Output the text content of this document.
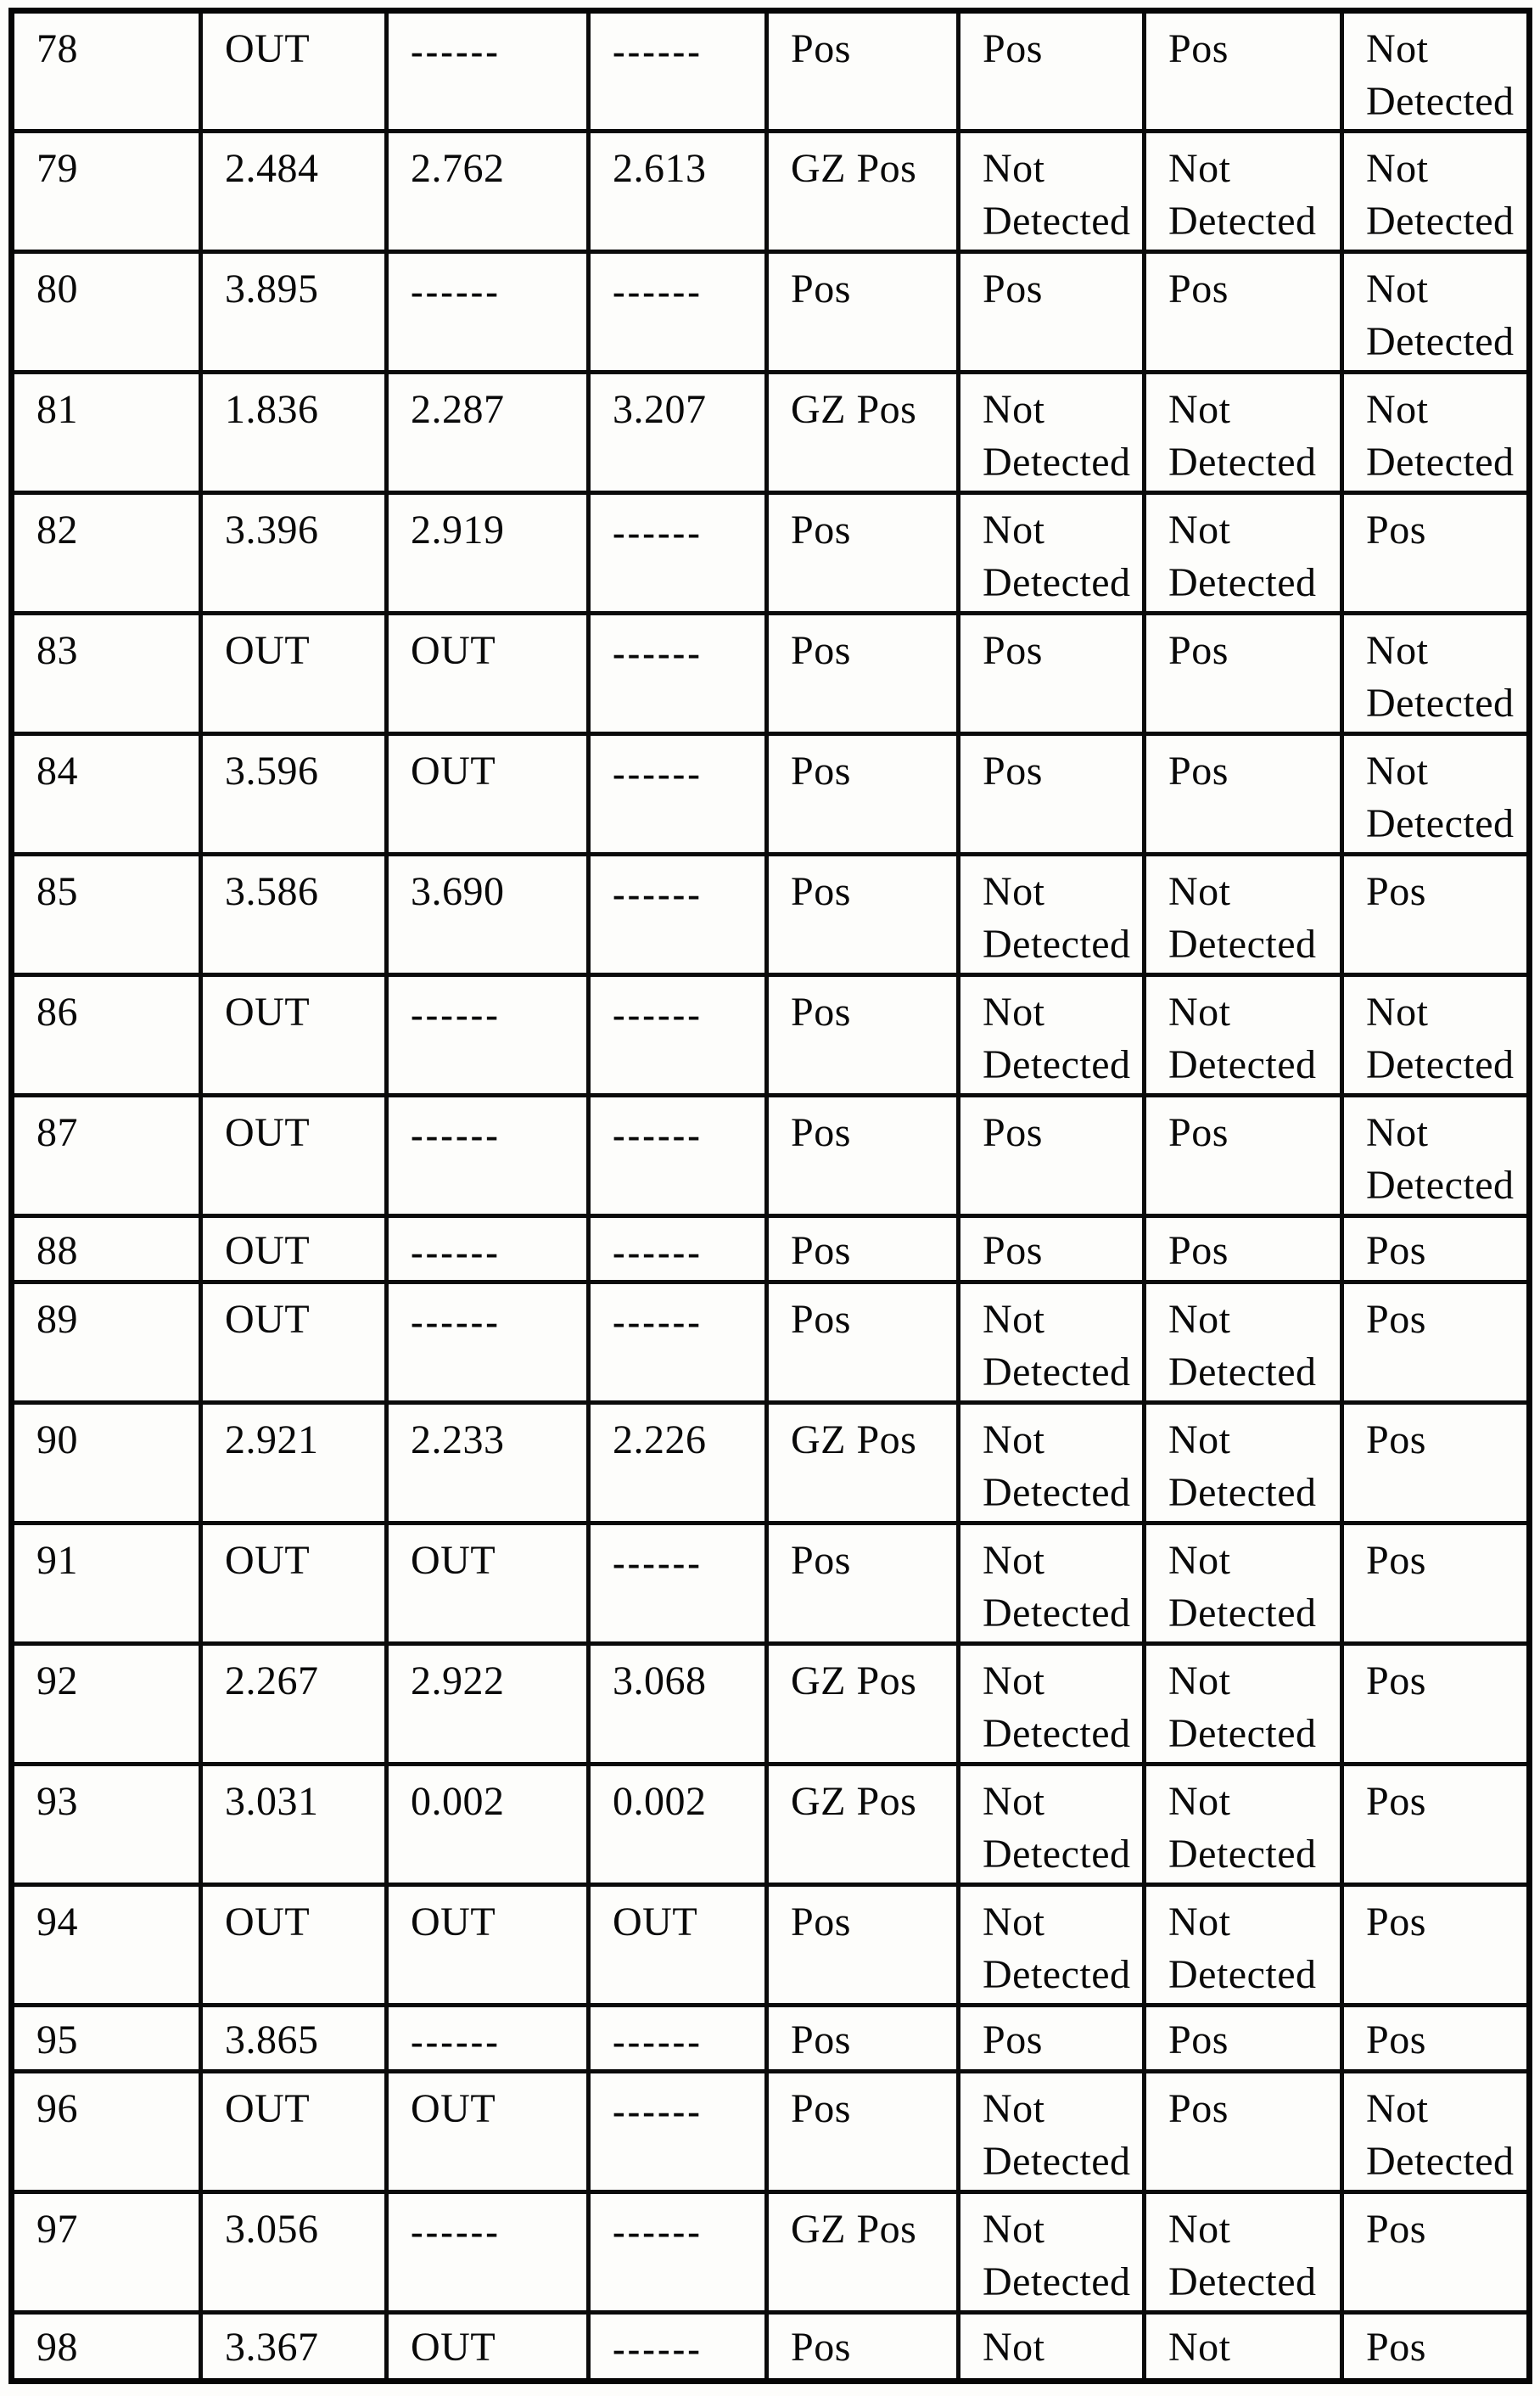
78	OUT	------	------	Pos	Pos	Pos	Not Detected
79	2.484	2.762	2.613	GZ Pos	Not Detected	Not Detected	Not Detected
80	3.895	------	------	Pos	Pos	Pos	Not Detected
81	1.836	2.287	3.207	GZ Pos	Not Detected	Not Detected	Not Detected
82	3.396	2.919	------	Pos	Not Detected	Not Detected	Pos
83	OUT	OUT	------	Pos	Pos	Pos	Not Detected
84	3.596	OUT	------	Pos	Pos	Pos	Not Detected
85	3.586	3.690	------	Pos	Not Detected	Not Detected	Pos
86	OUT	------	------	Pos	Not Detected	Not Detected	Not Detected
87	OUT	------	------	Pos	Pos	Pos	Not Detected
88	OUT	------	------	Pos	Pos	Pos	Pos
89	OUT	------	------	Pos	Not Detected	Not Detected	Pos
90	2.921	2.233	2.226	GZ Pos	Not Detected	Not Detected	Pos
91	OUT	OUT	------	Pos	Not Detected	Not Detected	Pos
92	2.267	2.922	3.068	GZ Pos	Not Detected	Not Detected	Pos
93	3.031	0.002	0.002	GZ Pos	Not Detected	Not Detected	Pos
94	OUT	OUT	OUT	Pos	Not Detected	Not Detected	Pos
95	3.865	------	------	Pos	Pos	Pos	Pos
96	OUT	OUT	------	Pos	Not Detected	Pos	Not Detected
97	3.056	------	------	GZ Pos	Not Detected	Not Detected	Pos
98	3.367	OUT	------	Pos	Not	Not	Pos
